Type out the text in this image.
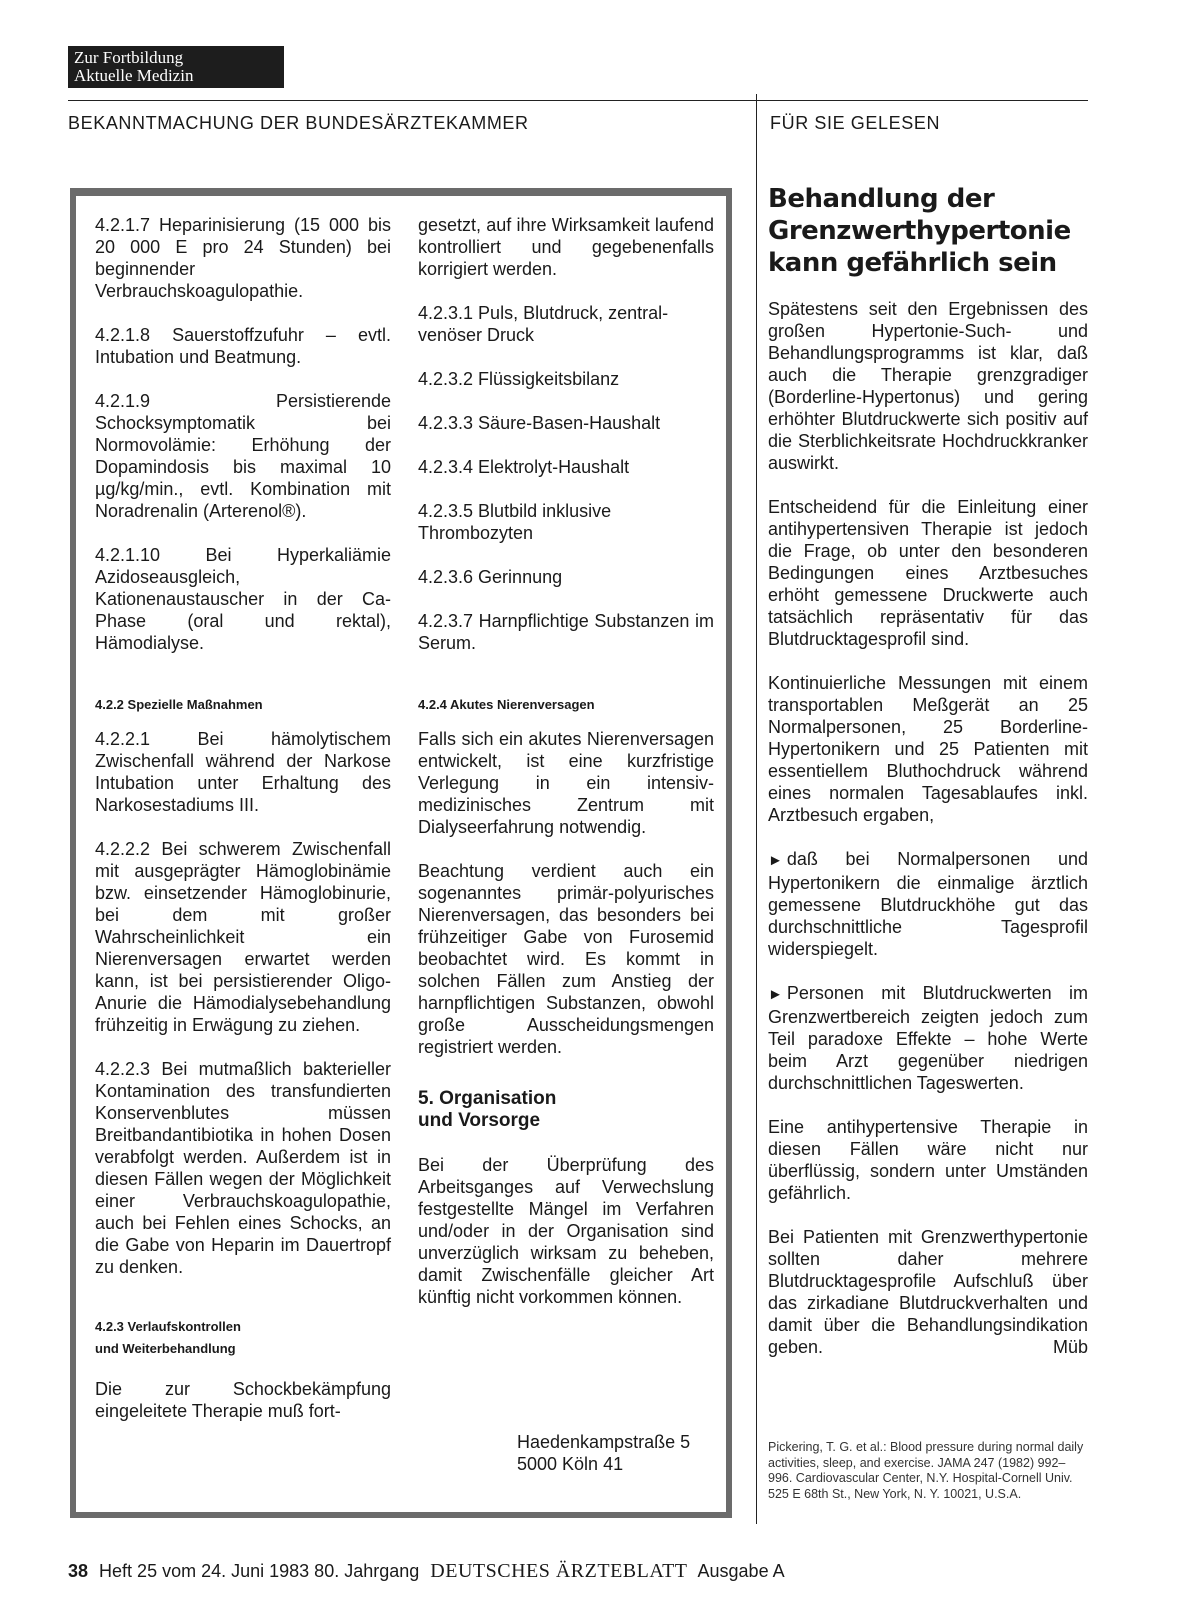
Zur Fortbildung
Aktuelle Medizin
BEKANNTMACHUNG DER BUNDESÄRZTEKAMMER	FÜR SIE GELESEN

4.2.1.7 Heparinisierung (15 000 bis 20 000 E pro 24 Stunden) bei beginnender Verbrauchskoagulopathie.

4.2.1.8 Sauerstoffzufuhr – evtl. Intubation und Beatmung.

4.2.1.9 Persistierende Schocksymptomatik bei Normovolämie: Erhöhung der Dopamindosis bis maximal 10 µg/kg/min., evtl. Kombination mit Noradrenalin (Arterenol®).

4.2.1.10 Bei Hyperkaliämie Azidoseausgleich, Kationenaustauscher in der Ca-Phase (oral und rektal), Hämodialyse.

4.2.2 Spezielle Maßnahmen

4.2.2.1 Bei hämolytischem Zwischenfall während der Narkose Intubation unter Erhaltung des Narkosestadiums III.

4.2.2.2 Bei schwerem Zwischenfall mit ausgeprägter Hämoglobinämie bzw. einsetzender Hämoglobinurie, bei dem mit großer Wahrscheinlichkeit ein Nierenversagen erwartet werden kann, ist bei persistierender Oligo-Anurie die Hämodialysebehandlung frühzeitig in Erwägung zu ziehen.

4.2.2.3 Bei mutmaßlich bakterieller Kontamination des transfundierten Konservenblutes müssen Breitbandantibiotika in hohen Dosen verabfolgt werden. Außerdem ist in diesen Fällen wegen der Möglichkeit einer Verbrauchskoagulopathie, auch bei Fehlen eines Schocks, an die Gabe von Heparin im Dauertropf zu denken.

4.2.3 Verlaufskontrollen
und Weiterbehandlung

Die zur Schockbekämpfung eingeleitete Therapie muß fort-

gesetzt, auf ihre Wirksamkeit laufend kontrolliert und gegebenenfalls korrigiert werden.

4.2.3.1 Puls, Blutdruck, zentral-venöser Druck

4.2.3.2 Flüssigkeitsbilanz

4.2.3.3 Säure-Basen-Haushalt

4.2.3.4 Elektrolyt-Haushalt

4.2.3.5 Blutbild inklusive Thrombozyten

4.2.3.6 Gerinnung

4.2.3.7 Harnpflichtige Substanzen im Serum.

4.2.4 Akutes Nierenversagen

Falls sich ein akutes Nierenversagen entwickelt, ist eine kurzfristige Verlegung in ein intensiv-medizinisches Zentrum mit Dialyseerfahrung notwendig.

Beachtung verdient auch ein sogenanntes primär-polyurisches Nierenversagen, das besonders bei frühzeitiger Gabe von Furosemid beobachtet wird. Es kommt in solchen Fällen zum Anstieg der harnpflichtigen Substanzen, obwohl große Ausscheidungsmengen registriert werden.

5. Organisation
und Vorsorge

Bei der Überprüfung des Arbeitsganges auf Verwechslung festgestellte Mängel im Verfahren und/oder in der Organisation sind unverzüglich wirksam zu beheben, damit Zwischenfälle gleicher Art künftig nicht vorkommen können.

Haedenkampstraße 5
5000 Köln 41
Behandlung der Grenzwerthypertonie kann gefährlich sein

Spätestens seit den Ergebnissen des großen Hypertonie-Such- und Behandlungsprogramms ist klar, daß auch die Therapie grenzgradiger (Borderline-Hypertonus) und gering erhöhter Blutdruckwerte sich positiv auf die Sterblichkeitsrate Hochdruckkranker auswirkt.

Entscheidend für die Einleitung einer antihypertensiven Therapie ist jedoch die Frage, ob unter den besonderen Bedingungen eines Arztbesuches erhöht gemessene Druckwerte auch tatsächlich repräsentativ für das Blutdrucktagesprofil sind.

Kontinuierliche Messungen mit einem transportablen Meßgerät an 25 Normalpersonen, 25 Borderline-Hypertonikern und 25 Patienten mit essentiellem Bluthochdruck während eines normalen Tagesablaufes inkl. Arztbesuch ergaben,

► daß bei Normalpersonen und Hypertonikern die einmalige ärztlich gemessene Blutdruckhöhe gut das durchschnittliche Tagesprofil widerspiegelt.

► Personen mit Blutdruckwerten im Grenzwertbereich zeigten jedoch zum Teil paradoxe Effekte – hohe Werte beim Arzt gegenüber niedrigen durchschnittlichen Tageswerten.

Eine antihypertensive Therapie in diesen Fällen wäre nicht nur überflüssig, sondern unter Umständen gefährlich.

Bei Patienten mit Grenzwerthypertonie sollten daher mehrere Blutdrucktagesprofile Aufschluß über das zirkadiane Blutdruckverhalten und damit über die Behandlungsindikation geben.	Müb

Pickering, T. G. et al.: Blood pressure during normal daily activities, sleep, and exercise. JAMA 247 (1982) 992–996. Cardiovascular Center, N.Y. Hospital-Cornell Univ. 525 E 68th St., New York, N. Y. 10021, U.S.A.
38 Heft 25 vom 24. Juni 1983 80. Jahrgang DEUTSCHES ÄRZTEBLATT Ausgabe A
